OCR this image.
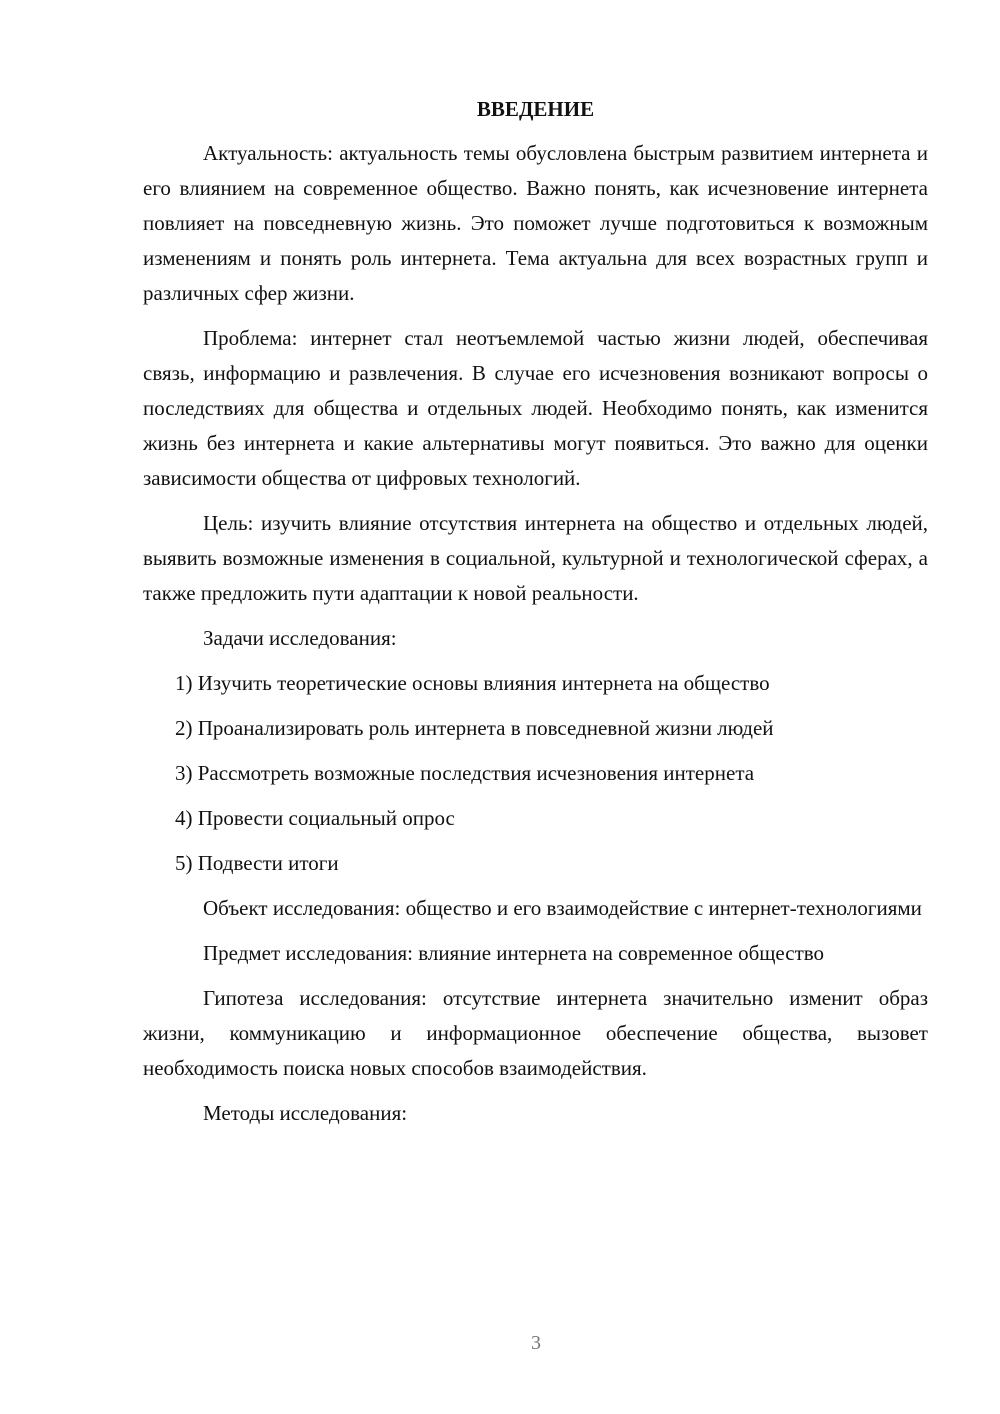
ВВЕДЕНИЕ

Актуальность: актуальность темы обусловлена быстрым развитием интернета и его влиянием на современное общество. Важно понять, как исчезновение интернета повлияет на повседневную жизнь. Это поможет лучше подготовиться к возможным изменениям и понять роль интернета. Тема актуальна для всех возрастных групп и различных сфер жизни.

Проблема: интернет стал неотъемлемой частью жизни людей, обеспечивая связь, информацию и развлечения. В случае его исчезновения возникают вопросы о последствиях для общества и отдельных людей. Необходимо понять, как изменится жизнь без интернета и какие альтернативы могут появиться. Это важно для оценки зависимости общества от цифровых технологий.

Цель: изучить влияние отсутствия интернета на общество и отдельных людей, выявить возможные изменения в социальной, культурной и технологической сферах, а также предложить пути адаптации к новой реальности.

Задачи исследования:

1) Изучить теоретические основы влияния интернета на общество
2) Проанализировать роль интернета в повседневной жизни людей
3) Рассмотреть возможные последствия исчезновения интернета
4) Провести социальный опрос
5) Подвести итоги

Объект исследования: общество и его взаимодействие с интернет-технологиями

Предмет исследования: влияние интернета на современное общество

Гипотеза исследования: отсутствие интернета значительно изменит образ жизни, коммуникацию и информационное обеспечение общества, вызовет необходимость поиска новых способов взаимодействия.

Методы исследования:

3
